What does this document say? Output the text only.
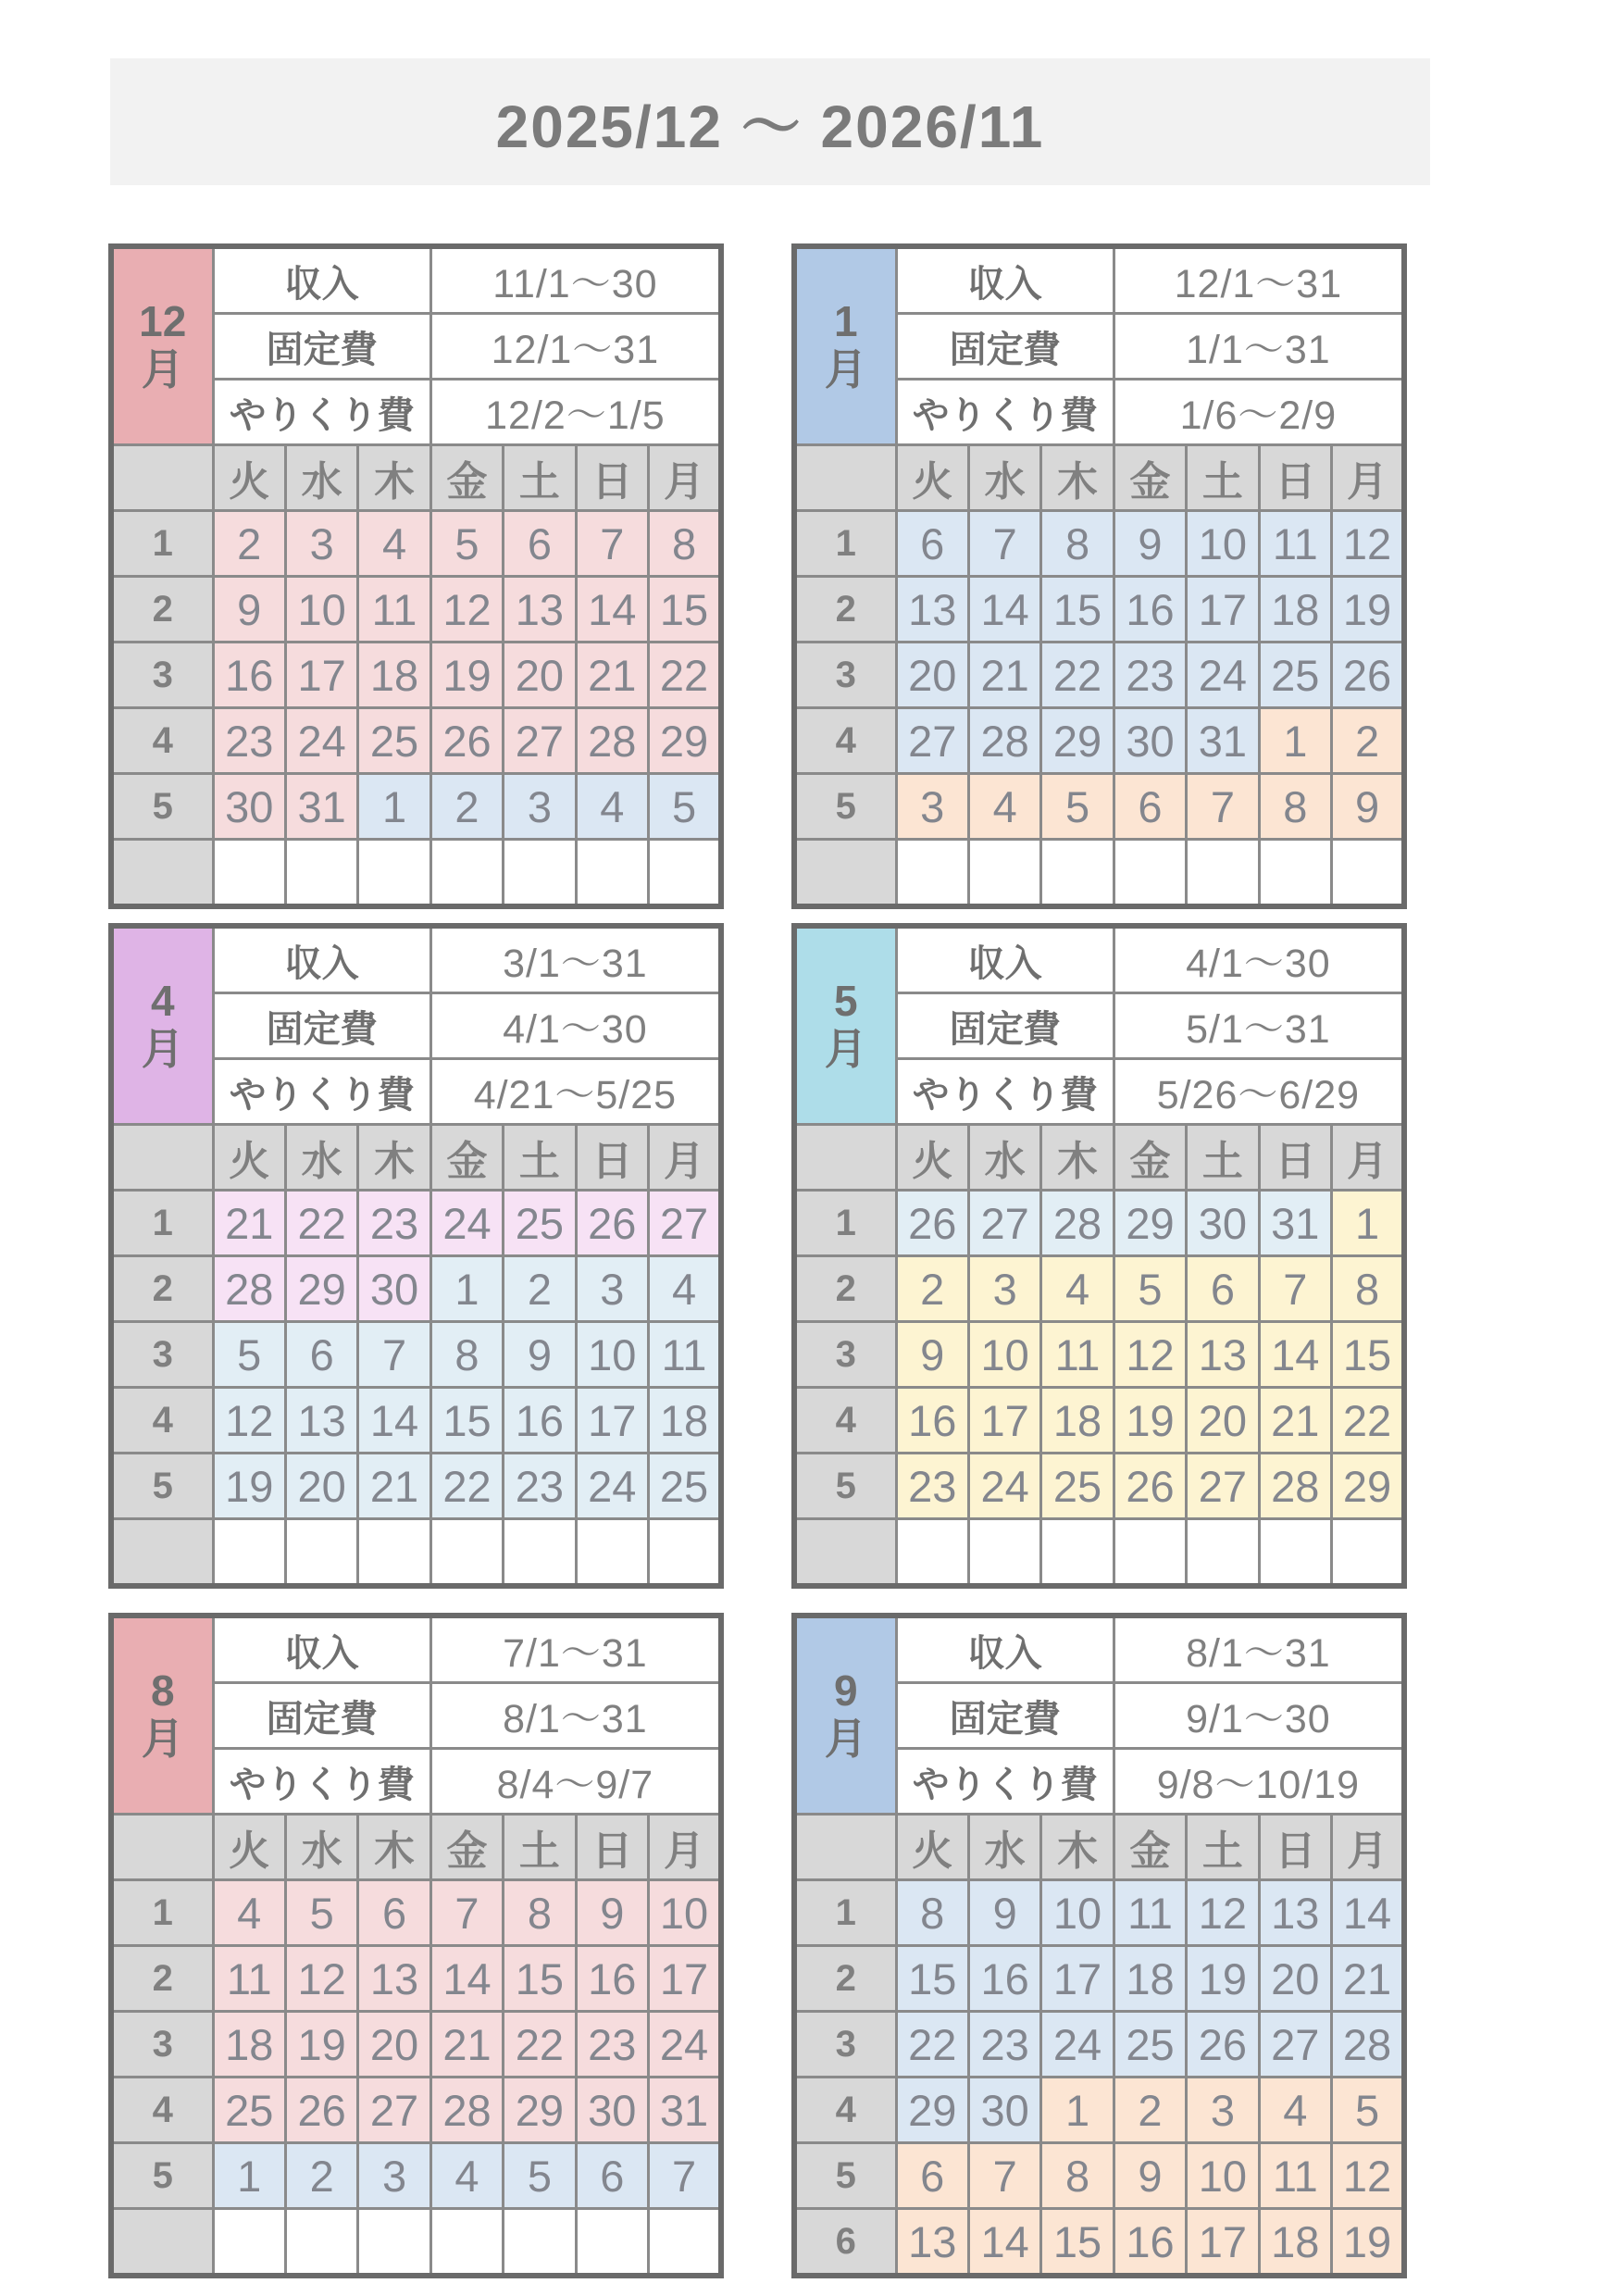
2025/12 〜 2026/11
12
月	収入			11/1〜30			
	固定費			12/1〜31			
	やりくり費			12/2〜1/5			
	火	水	木	金	土	日	月
1	2	3	4	5	6	7	8
2	9	10	11	12	13	14	15
3	16	17	18	19	20	21	22
4	23	24	25	26	27	28	29
5	30	31	1	2	3	4	5

1
月	収入			12/1〜31			
	固定費			1/1〜31			
	やりくり費			1/6〜2/9			
	火	水	木	金	土	日	月
1	6	7	8	9	10	11	12
2	13	14	15	16	17	18	19
3	20	21	22	23	24	25	26
4	27	28	29	30	31	1	2
5	3	4	5	6	7	8	9

4
月	収入			3/1〜31			
	固定費			4/1〜30			
	やりくり費			4/21〜5/25			
	火	水	木	金	土	日	月
1	21	22	23	24	25	26	27
2	28	29	30	1	2	3	4
3	5	6	7	8	9	10	11
4	12	13	14	15	16	17	18
5	19	20	21	22	23	24	25

5
月	収入			4/1〜30			
	固定費			5/1〜31			
	やりくり費			5/26〜6/29			
	火	水	木	金	土	日	月
1	26	27	28	29	30	31	1
2	2	3	4	5	6	7	8
3	9	10	11	12	13	14	15
4	16	17	18	19	20	21	22
5	23	24	25	26	27	28	29

8
月	収入			7/1〜31			
	固定費			8/1〜31			
	やりくり費			8/4〜9/7			
	火	水	木	金	土	日	月
1	4	5	6	7	8	9	10
2	11	12	13	14	15	16	17
3	18	19	20	21	22	23	24
4	25	26	27	28	29	30	31
5	1	2	3	4	5	6	7

9
月	収入			8/1〜31			
	固定費			9/1〜30			
	やりくり費			9/8〜10/19			
	火	水	木	金	土	日	月
1	8	9	10	11	12	13	14
2	15	16	17	18	19	20	21
3	22	23	24	25	26	27	28
4	29	30	1	2	3	4	5
5	6	7	8	9	10	11	12
6	13	14	15	16	17	18	19
